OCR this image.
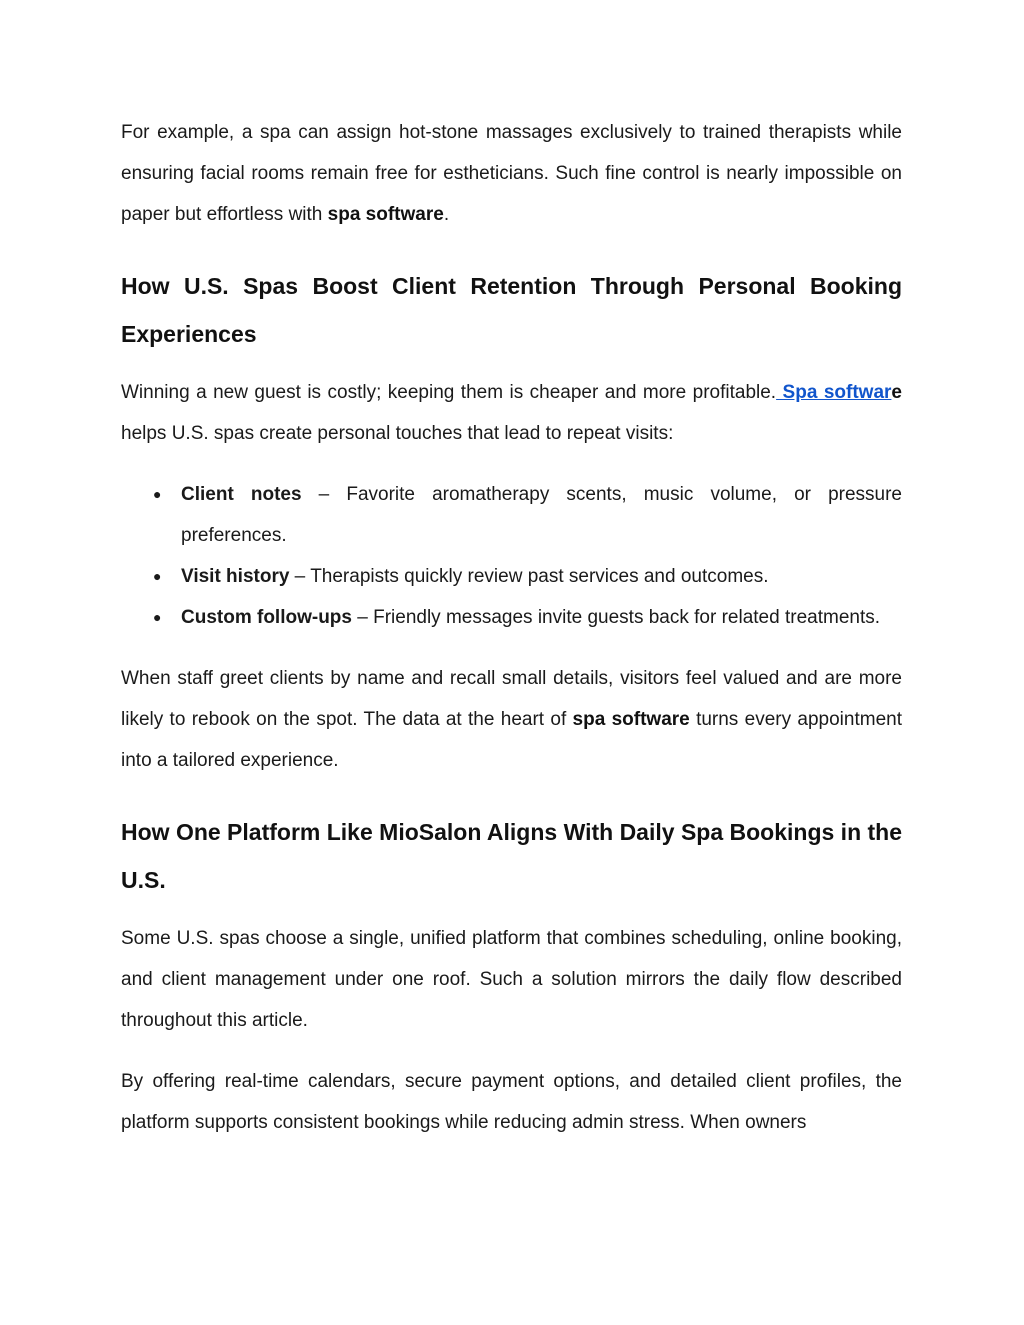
For example, a spa can assign hot-stone massages exclusively to trained therapists while ensuring facial rooms remain free for estheticians. Such fine control is nearly impossible on paper but effortless with spa software.

How U.S. Spas Boost Client Retention Through Personal Booking Experiences

Winning a new guest is costly; keeping them is cheaper and more profitable. Spa software helps U.S. spas create personal touches that lead to repeat visits:

● Client notes – Favorite aromatherapy scents, music volume, or pressure preferences.
● Visit history – Therapists quickly review past services and outcomes.
● Custom follow-ups – Friendly messages invite guests back for related treatments.

When staff greet clients by name and recall small details, visitors feel valued and are more likely to rebook on the spot. The data at the heart of spa software turns every appointment into a tailored experience.

How One Platform Like MioSalon Aligns With Daily Spa Bookings in the U.S.

Some U.S. spas choose a single, unified platform that combines scheduling, online booking, and client management under one roof. Such a solution mirrors the daily flow described throughout this article.

By offering real-time calendars, secure payment options, and detailed client profiles, the platform supports consistent bookings while reducing admin stress. When owners
